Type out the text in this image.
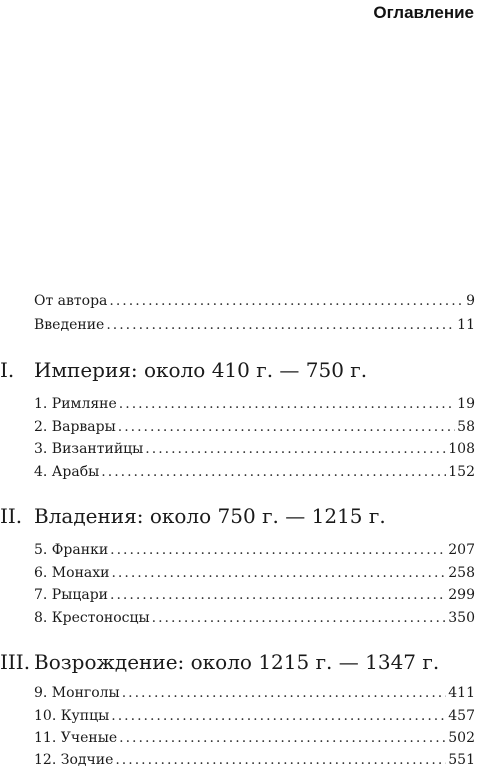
Оглавление
От автора .....	9
Введение .....	11
I. Империя: около 410 г. — 750 г.
1. Римляне .....	19
2. Варвары .....	58
3. Византийцы .....	108
4. Арабы .....	152
II. Владения: около 750 г. — 1215 г.
5. Франки .....	207
6. Монахи .....	258
7. Рыцари .....	299
8. Крестоносцы .....	350
III. Возрождение: около 1215 г. — 1347 г.
9. Монголы .....	411
10. Купцы .....	457
11. Ученые .....	502
12. Зодчие .....	551
